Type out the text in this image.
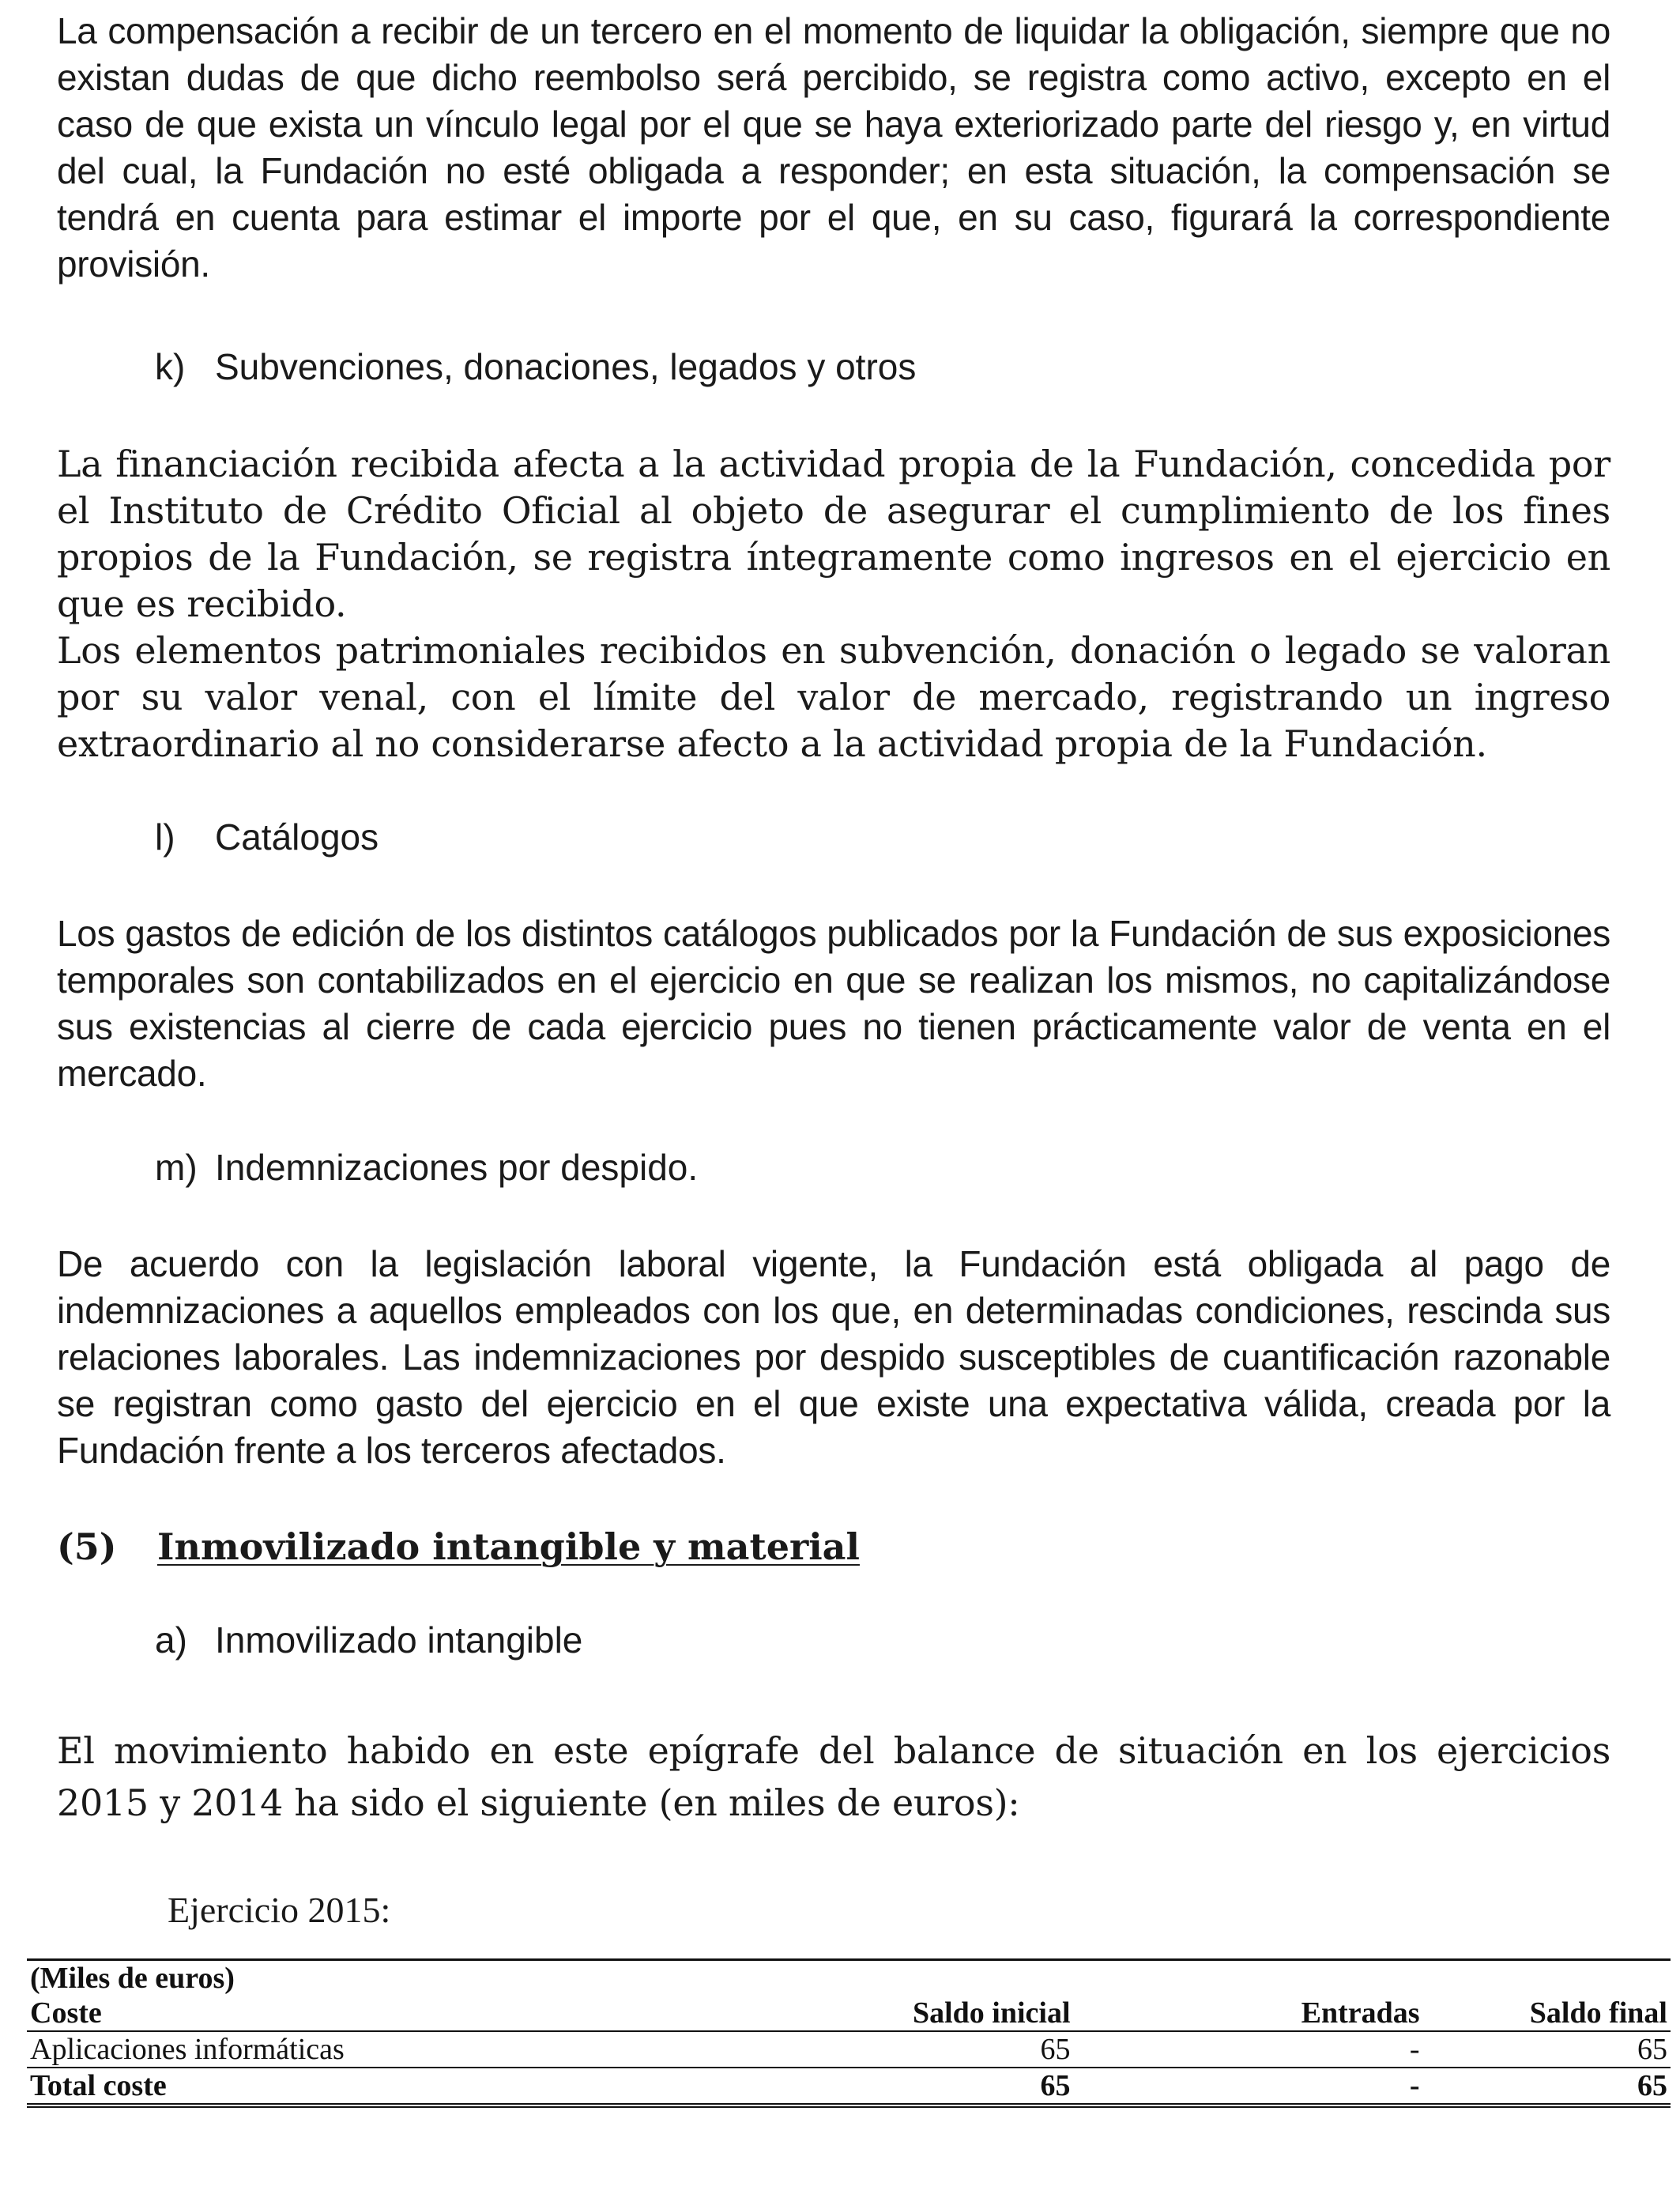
La compensación a recibir de un tercero en el momento de liquidar la obligación, siempre que no existan dudas de que dicho reembolso será percibido, se registra como activo, excepto en el caso de que exista un vínculo legal por el que se haya exteriorizado parte del riesgo y, en virtud del cual, la Fundación no esté obligada a responder; en esta situación, la compensación se tendrá en cuenta para estimar el importe por el que, en su caso, figurará la correspondiente provisión.

k) Subvenciones, donaciones, legados y otros

La financiación recibida afecta a la actividad propia de la Fundación, concedida por el Instituto de Crédito Oficial al objeto de asegurar el cumplimiento de los fines propios de la Fundación, se registra íntegramente como ingresos en el ejercicio en que es recibido.

Los elementos patrimoniales recibidos en subvención, donación o legado se valoran por su valor venal, con el límite del valor de mercado, registrando un ingreso extraordinario al no considerarse afecto a la actividad propia de la Fundación.

l) Catálogos

Los gastos de edición de los distintos catálogos publicados por la Fundación de sus exposiciones temporales son contabilizados en el ejercicio en que se realizan los mismos, no capitalizándose sus existencias al cierre de cada ejercicio pues no tienen prácticamente valor de venta en el mercado.

m) Indemnizaciones por despido.

De acuerdo con la legislación laboral vigente, la Fundación está obligada al pago de indemnizaciones a aquellos empleados con los que, en determinadas condiciones, rescinda sus relaciones laborales. Las indemnizaciones por despido susceptibles de cuantificación razonable se registran como gasto del ejercicio en el que existe una expectativa válida, creada por la Fundación frente a los terceros afectados.

(5) Inmovilizado intangible y material

a) Inmovilizado intangible

El movimiento habido en este epígrafe del balance de situación en los ejercicios 2015 y 2014 ha sido el siguiente (en miles de euros):

Ejercicio 2015:

(Miles de euros)			
Coste	Saldo inicial	Entradas	Saldo final
Aplicaciones informáticas	65	-	65
Total coste	65	-	65
